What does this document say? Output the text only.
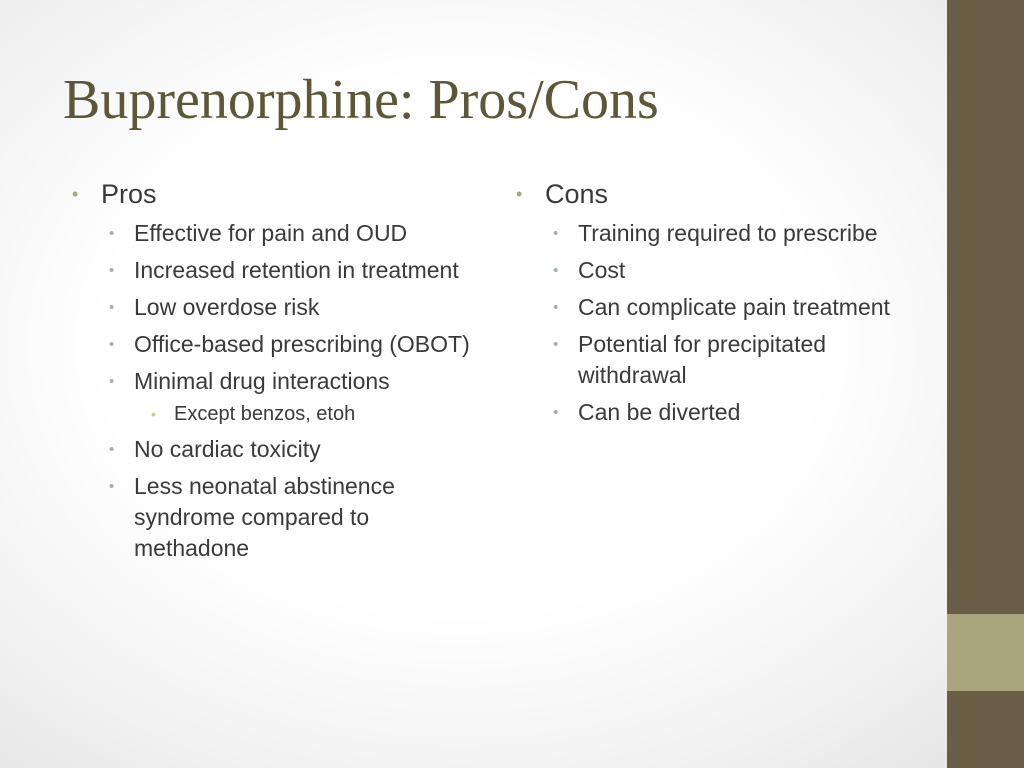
Buprenorphine: Pros/Cons
• Pros
• Effective for pain and OUD
• Increased retention in treatment
• Low overdose risk
• Office-based prescribing (OBOT)
• Minimal drug interactions
• Except benzos, etoh
• No cardiac toxicity
• Less neonatal abstinence syndrome compared to methadone
• Cons
• Training required to prescribe
• Cost
• Can complicate pain treatment
• Potential for precipitated withdrawal
• Can be diverted
